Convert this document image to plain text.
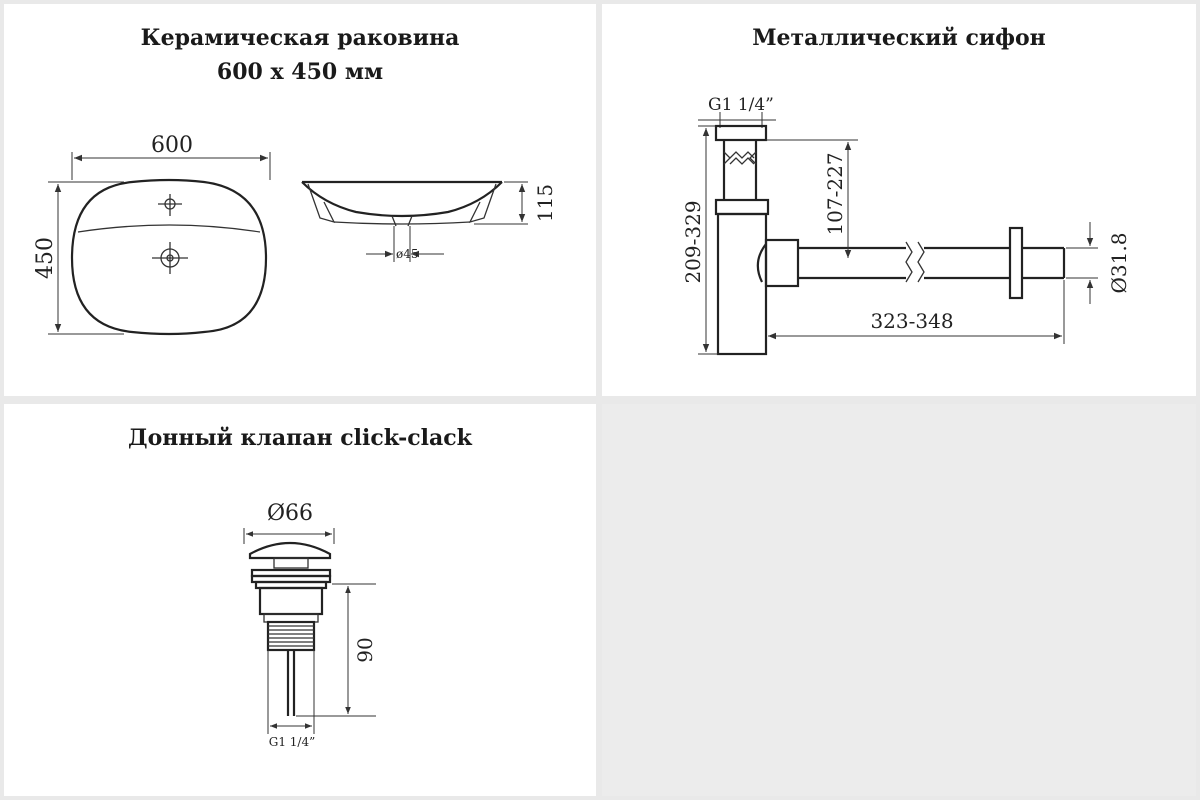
Керамическая раковина
600 х 450 мм
600
450
115
ø45
Металлический сифон
G1 1/4”
209-329
107-227
323-348
Ø31.8
Донный клапан click-clack
Ø66
90
G1 1/4”
